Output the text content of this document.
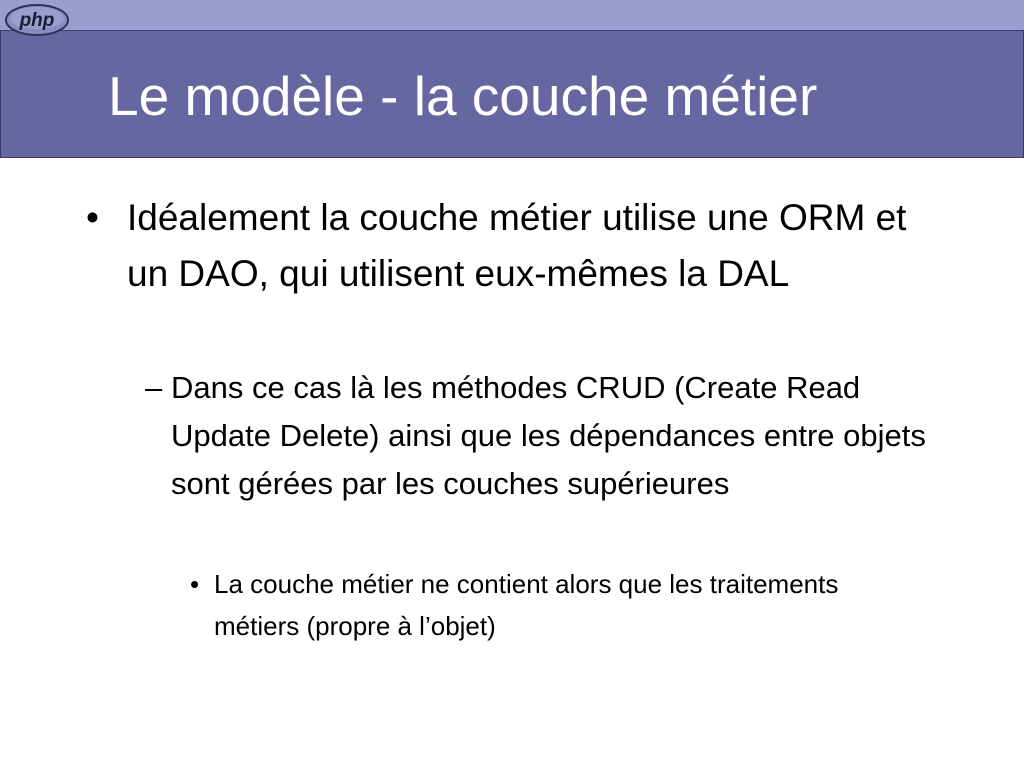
php
Le modèle - la couche métier
• Idéalement la couche métier utilise une ORM et un DAO, qui utilisent eux-mêmes la DAL
– Dans ce cas là les méthodes CRUD (Create Read Update Delete) ainsi que les dépendances entre objets sont gérées par les couches supérieures
• La couche métier ne contient alors que les traitements métiers (propre à l’objet)
